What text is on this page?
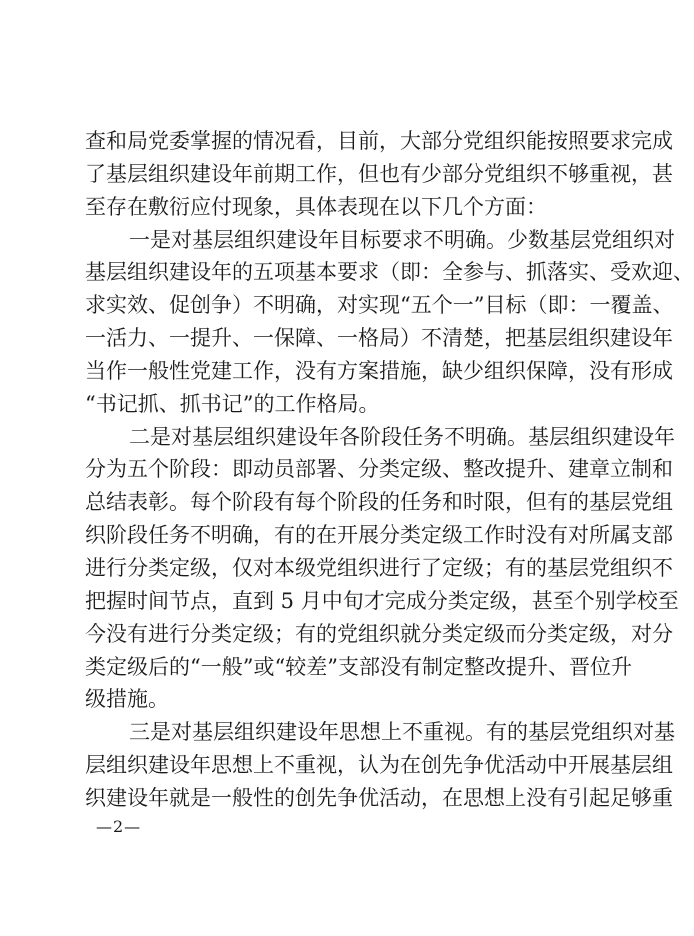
查和局党委掌握的情况看，目前，大部分党组织能按照要求完成
了基层组织建设年前期工作，但也有少部分党组织不够重视，甚
至存在敷衍应付现象，具体表现在以下几个方面：
一是对基层组织建设年目标要求不明确。少数基层党组织对
基层组织建设年的五项基本要求（即：全参与、抓落实、受欢迎、
求实效、促创争）不明确，对实现“五个一”目标（即：一覆盖、
一活力、一提升、一保障、一格局）不清楚，把基层组织建设年
当作一般性党建工作，没有方案措施，缺少组织保障，没有形成
“书记抓、抓书记”的工作格局。
二是对基层组织建设年各阶段任务不明确。基层组织建设年
分为五个阶段：即动员部署、分类定级、整改提升、建章立制和
总结表彰。每个阶段有每个阶段的任务和时限，但有的基层党组
织阶段任务不明确，有的在开展分类定级工作时没有对所属支部
进行分类定级，仅对本级党组织进行了定级；有的基层党组织不
把握时间节点，直到 5 月中旬才完成分类定级，甚至个别学校至
今没有进行分类定级；有的党组织就分类定级而分类定级，对分
类定级后的“一般”或“较差”支部没有制定整改提升、晋位升
级措施。
三是对基层组织建设年思想上不重视。有的基层党组织对基
层组织建设年思想上不重视，认为在创先争优活动中开展基层组
织建设年就是一般性的创先争优活动，在思想上没有引起足够重
—2—
